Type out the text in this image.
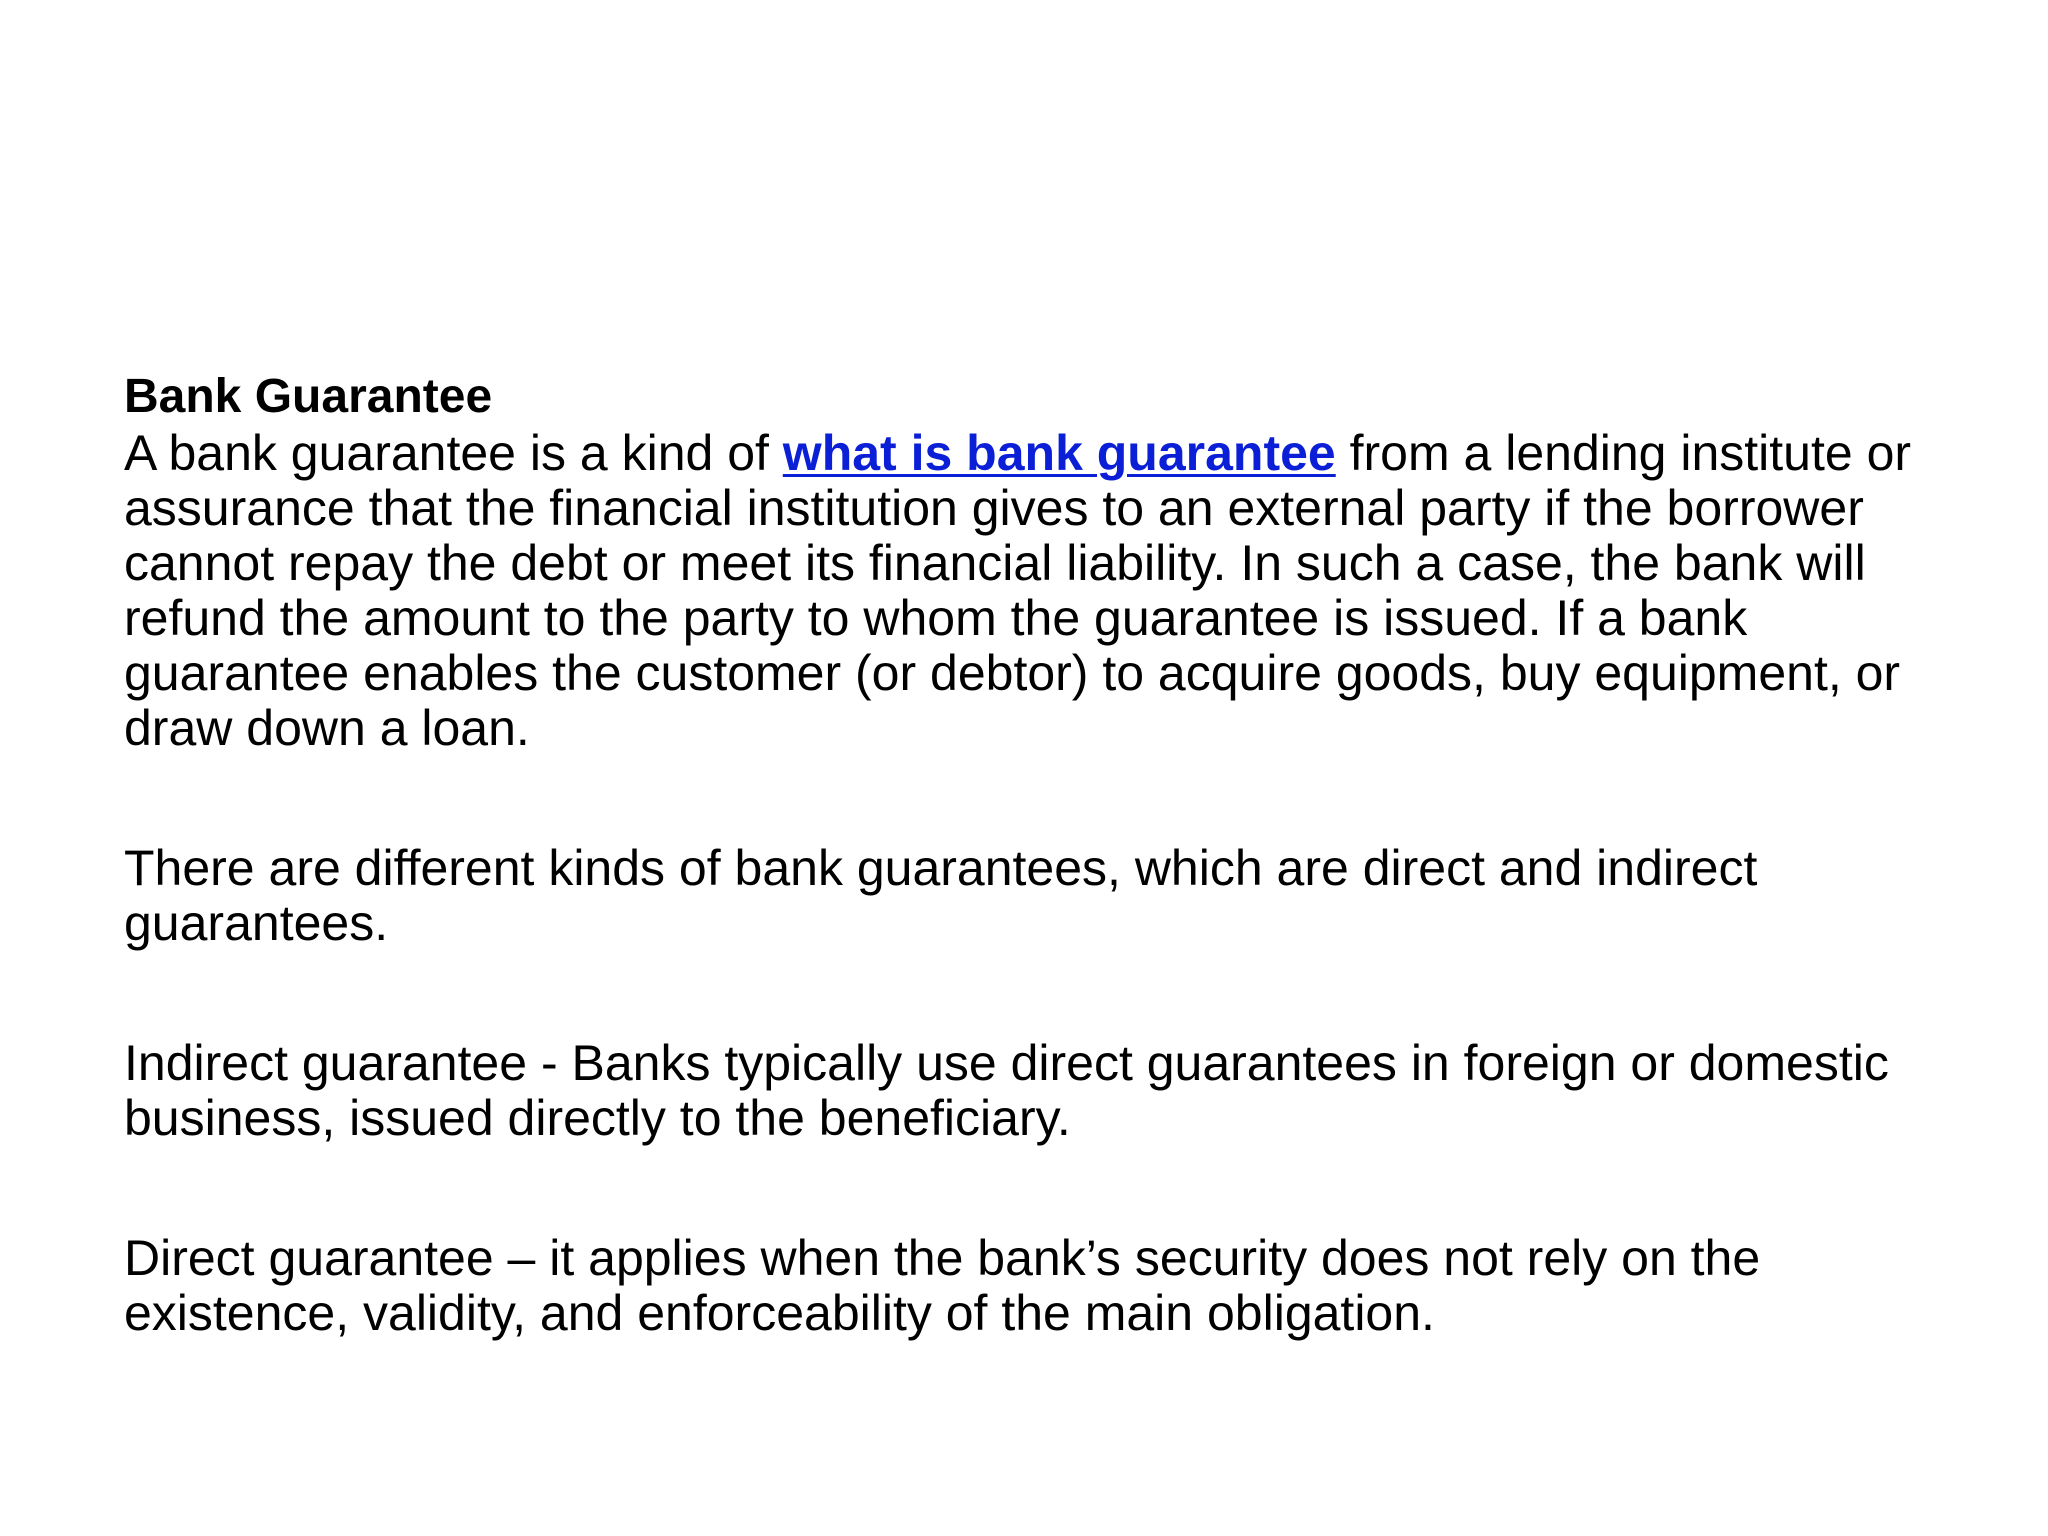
Bank Guarantee

A bank guarantee is a kind of what is bank guarantee from a lending institute or assurance that the financial institution gives to an external party if the borrower cannot repay the debt or meet its financial liability. In such a case, the bank will refund the amount to the party to whom the guarantee is issued. If a bank guarantee enables the customer (or debtor) to acquire goods, buy equipment, or draw down a loan.

There are different kinds of bank guarantees, which are direct and indirect guarantees.

Indirect guarantee - Banks typically use direct guarantees in foreign or domestic business, issued directly to the beneficiary.

Direct guarantee – it applies when the bank’s security does not rely on the existence, validity, and enforceability of the main obligation.
